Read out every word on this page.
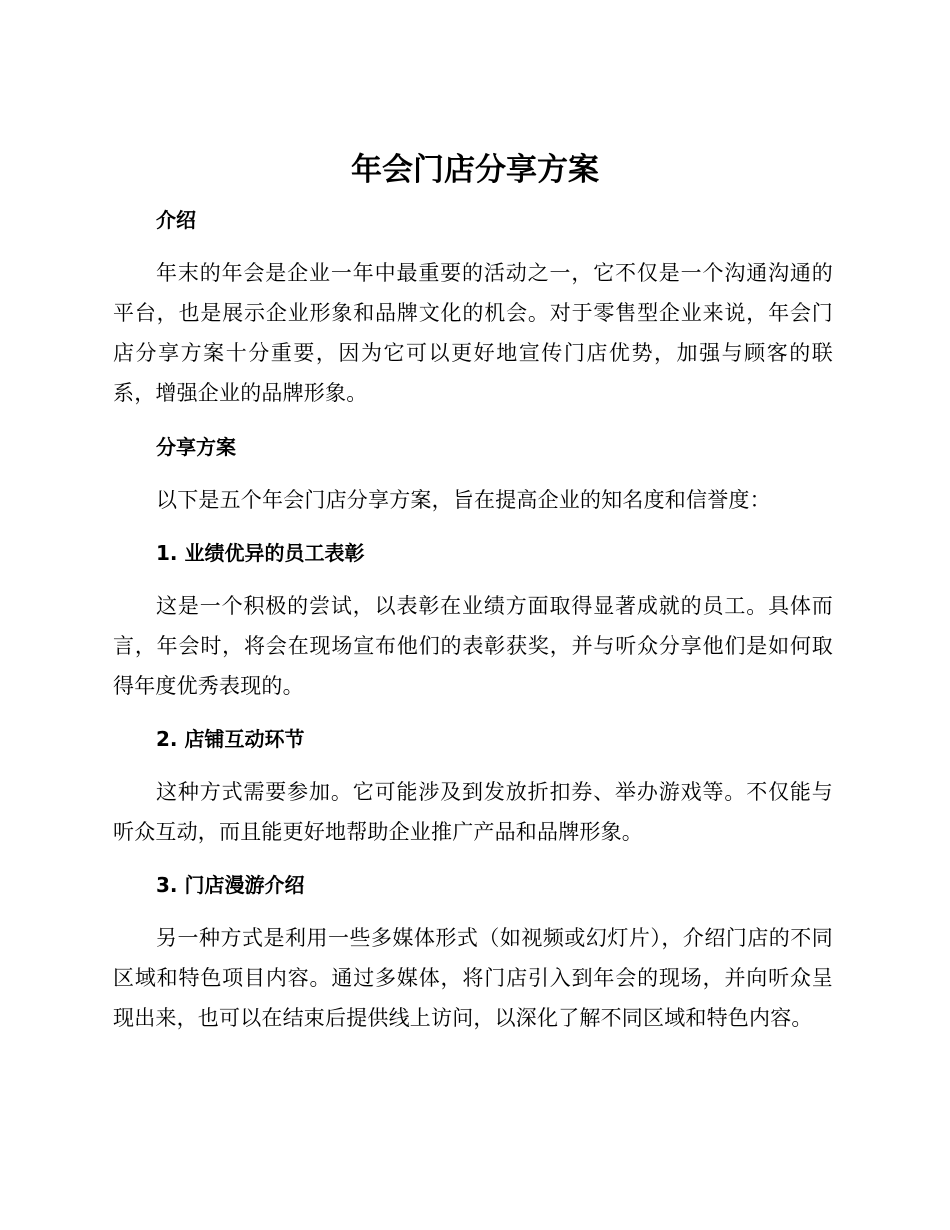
年会门店分享方案

介绍

年末的年会是企业一年中最重要的活动之一，它不仅是一个沟通沟通的平台，也是展示企业形象和品牌文化的机会。对于零售型企业来说，年会门店分享方案十分重要，因为它可以更好地宣传门店优势，加强与顾客的联系，增强企业的品牌形象。

分享方案

以下是五个年会门店分享方案，旨在提高企业的知名度和信誉度：

1. 业绩优异的员工表彰

这是一个积极的尝试，以表彰在业绩方面取得显著成就的员工。具体而言，年会时，将会在现场宣布他们的表彰获奖，并与听众分享他们是如何取得年度优秀表现的。

2. 店铺互动环节

这种方式需要参加。它可能涉及到发放折扣券、举办游戏等。不仅能与听众互动，而且能更好地帮助企业推广产品和品牌形象。

3. 门店漫游介绍

另一种方式是利用一些多媒体形式（如视频或幻灯片），介绍门店的不同区域和特色项目内容。通过多媒体，将门店引入到年会的现场，并向听众呈现出来，也可以在结束后提供线上访问，以深化了解不同区域和特色内容。
